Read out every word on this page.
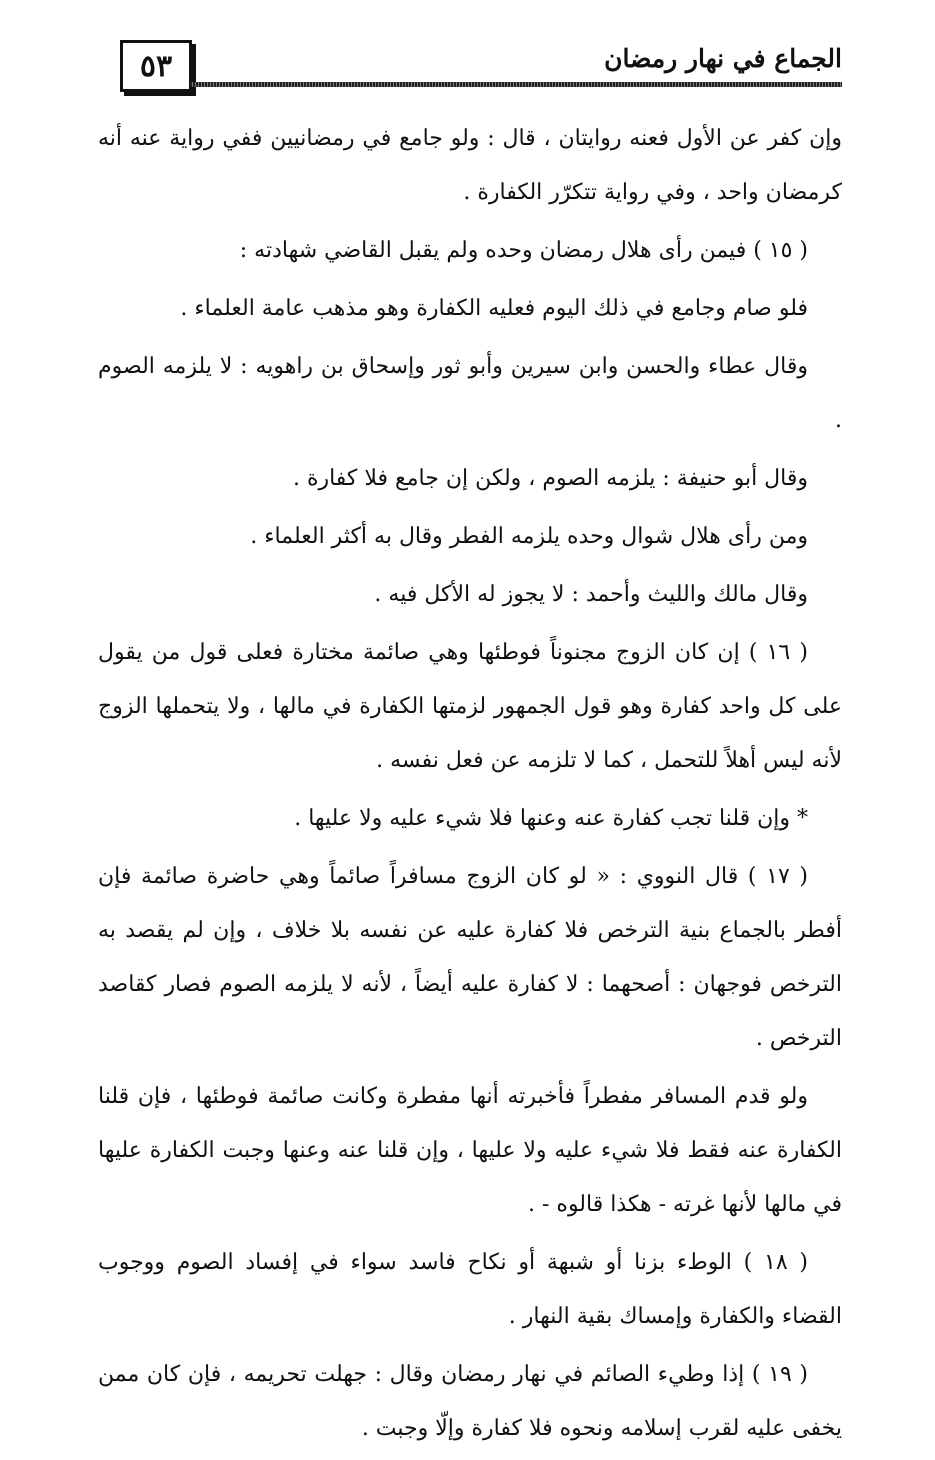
٥٣	الجماع في نهار رمضان

وإن كفر عن الأول فعنه روايتان ، قال : ولو جامع في رمضانيين ففي رواية عنه أنه كرمضان واحد ، وفي رواية تتكرّر الكفارة .

( ١٥ ) فيمن رأى هلال رمضان وحده ولم يقبل القاضي شهادته :

فلو صام وجامع في ذلك اليوم فعليه الكفارة وهو مذهب عامة العلماء .

وقال عطاء والحسن وابن سيرين وأبو ثور وإسحاق بن راهويه : لا يلزمه الصوم .

وقال أبو حنيفة : يلزمه الصوم ، ولكن إن جامع فلا كفارة .

ومن رأى هلال شوال وحده يلزمه الفطر وقال به أكثر العلماء .

وقال مالك والليث وأحمد : لا يجوز له الأكل فيه .

( ١٦ ) إن كان الزوج مجنوناً فوطئها وهي صائمة مختارة فعلى قول من يقول على كل واحد كفارة وهو قول الجمهور لزمتها الكفارة في مالها ، ولا يتحملها الزوج لأنه ليس أهلاً للتحمل ، كما لا تلزمه عن فعل نفسه .

* وإن قلنا تجب كفارة عنه وعنها فلا شيء عليه ولا عليها .

( ١٧ ) قال النووي : « لو كان الزوج مسافراً صائماً وهي حاضرة صائمة فإن أفطر بالجماع بنية الترخص فلا كفارة عليه عن نفسه بلا خلاف ، وإن لم يقصد به الترخص فوجهان : أصحهما : لا كفارة عليه أيضاً ، لأنه لا يلزمه الصوم فصار كقاصد الترخص .

ولو قدم المسافر مفطراً فأخبرته أنها مفطرة وكانت صائمة فوطئها ، فإن قلنا الكفارة عنه فقط فلا شيء عليه ولا عليها ، وإن قلنا عنه وعنها وجبت الكفارة عليها في مالها لأنها غرته - هكذا قالوه - .

( ١٨ ) الوطء بزنا أو شبهة أو نكاح فاسد سواء في إفساد الصوم ووجوب القضاء والكفارة وإمساك بقية النهار .

( ١٩ ) إذا وطيء الصائم في نهار رمضان وقال : جهلت تحريمه ، فإن كان ممن يخفى عليه لقرب إسلامه ونحوه فلا كفارة وإلّا وجبت .
